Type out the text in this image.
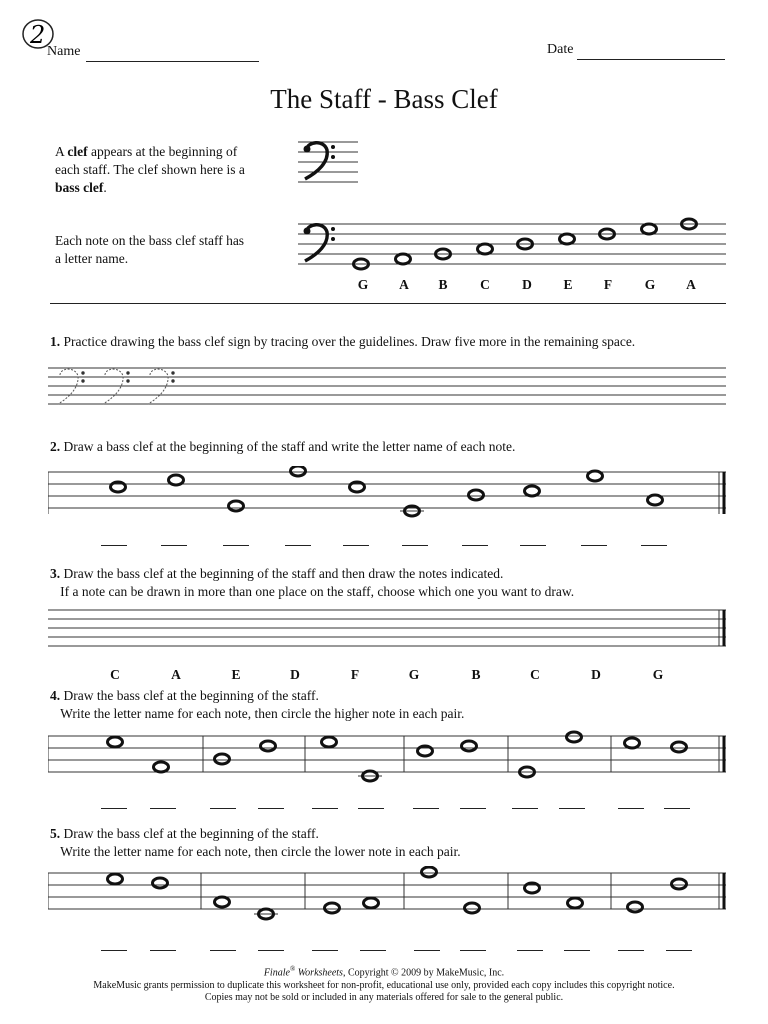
2
Name	Date
The Staff - Bass Clef
A clef appears at the beginning of
each staff. The clef shown here is a
bass clef.
Each note on the bass clef staff has
a letter name.
G	A	B	C	D	E	F	G	A
1. Practice drawing the bass clef sign by tracing over the guidelines. Draw five more in the remaining space.
2. Draw a bass clef at the beginning of the staff and write the letter name of each note.
3. Draw the bass clef at the beginning of the staff and then draw the notes indicated.
If a note can be drawn in more than one place on the staff, choose which one you want to draw.
C	A	E	D	F	G	B	C	D	G
4. Draw the bass clef at the beginning of the staff.
Write the letter name for each note, then circle the higher note in each pair.
5. Draw the bass clef at the beginning of the staff.
Write the letter name for each note, then circle the lower note in each pair.
Finale® Worksheets, Copyright © 2009 by MakeMusic, Inc.
MakeMusic grants permission to duplicate this worksheet for non-profit, educational use only, provided each copy includes this copyright notice.
Copies may not be sold or included in any materials offered for sale to the general public.
